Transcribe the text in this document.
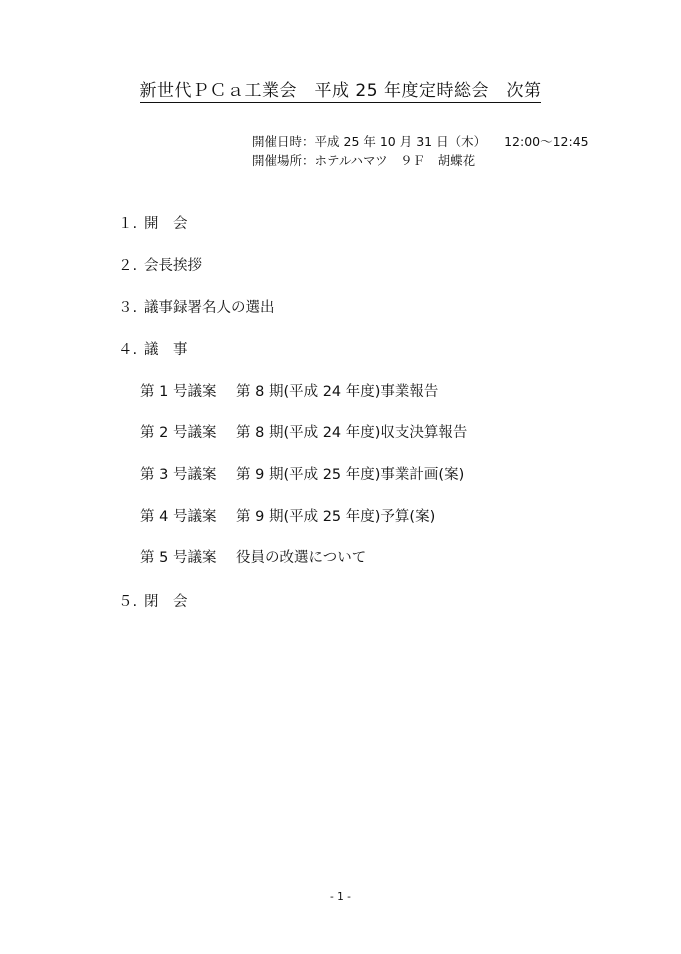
新世代ＰＣａ工業会　平成 25 年度定時総会　次第
開催日時：平成 25 年 10 月 31 日（木） 12:00〜12:45
開催場所：ホテルハマツ　９Ｆ　胡蝶花
１. 開　会
２. 会長挨拶
３. 議事録署名人の選出
４. 議　事
第 1 号議案 第 8 期(平成 24 年度)事業報告
第 2 号議案 第 8 期(平成 24 年度)収支決算報告
第 3 号議案 第 9 期(平成 25 年度)事業計画(案)
第 4 号議案 第 9 期(平成 25 年度)予算(案)
第 5 号議案 役員の改選について
５. 閉　会
- 1 -
